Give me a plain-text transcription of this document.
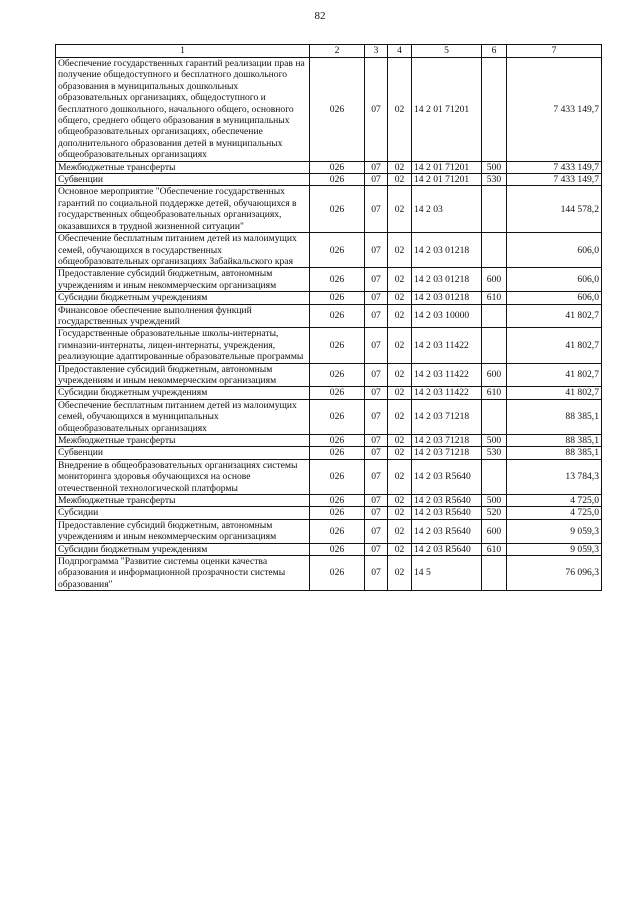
82
1	2	3	4	5	6	7
Обеспечение государственных гарантий реализации прав на получение общедоступного и бесплатного дошкольного образования в муниципальных дошкольных образовательных организациях, общедоступного и бесплатного дошкольного, начального общего, основного общего, среднего общего образования в муниципальных общеобразовательных организациях, обеспечение дополнительного образования детей в муниципальных общеобразовательных организациях	026	07	02	14 2 01 71201		7 433 149,7
Межбюджетные трансферты	026	07	02	14 2 01 71201	500	7 433 149,7
Субвенции	026	07	02	14 2 01 71201	530	7 433 149,7
Основное мероприятие "Обеспечение государственных гарантий по социальной поддержке детей, обучающихся в государственных общеобразовательных организациях, оказавшихся в трудной жизненной ситуации"	026	07	02	14 2 03		144 578,2
Обеспечение бесплатным питанием детей из малоимущих семей, обучающихся в государственных общеобразовательных организациях Забайкальского края	026	07	02	14 2 03 01218		606,0
Предоставление субсидий бюджетным, автономным учреждениям и иным некоммерческим организациям	026	07	02	14 2 03 01218	600	606,0
Субсидии бюджетным учреждениям	026	07	02	14 2 03 01218	610	606,0
Финансовое обеспечение выполнения функций государственных учреждений	026	07	02	14 2 03 10000		41 802,7
Государственные образовательные школы-интернаты, гимназии-интернаты, лицеи-интернаты, учреждения, реализующие адаптированные образовательные программы	026	07	02	14 2 03 11422		41 802,7
Предоставление субсидий бюджетным, автономным учреждениям и иным некоммерческим организациям	026	07	02	14 2 03 11422	600	41 802,7
Субсидии бюджетным учреждениям	026	07	02	14 2 03 11422	610	41 802,7
Обеспечение бесплатным питанием детей из малоимущих семей, обучающихся в муниципальных общеобразовательных организациях	026	07	02	14 2 03 71218		88 385,1
Межбюджетные трансферты	026	07	02	14 2 03 71218	500	88 385,1
Субвенции	026	07	02	14 2 03 71218	530	88 385,1
Внедрение в общеобразовательных организациях системы мониторинга здоровья обучающихся на основе отечественной технологической платформы	026	07	02	14 2 03 R5640		13 784,3
Межбюджетные трансферты	026	07	02	14 2 03 R5640	500	4 725,0
Субсидии	026	07	02	14 2 03 R5640	520	4 725,0
Предоставление субсидий бюджетным, автономным учреждениям и иным некоммерческим организациям	026	07	02	14 2 03 R5640	600	9 059,3
Субсидии бюджетным учреждениям	026	07	02	14 2 03 R5640	610	9 059,3
Подпрограмма "Развитие системы оценки качества образования и информационной прозрачности системы образования"	026	07	02	14 5		76 096,3
